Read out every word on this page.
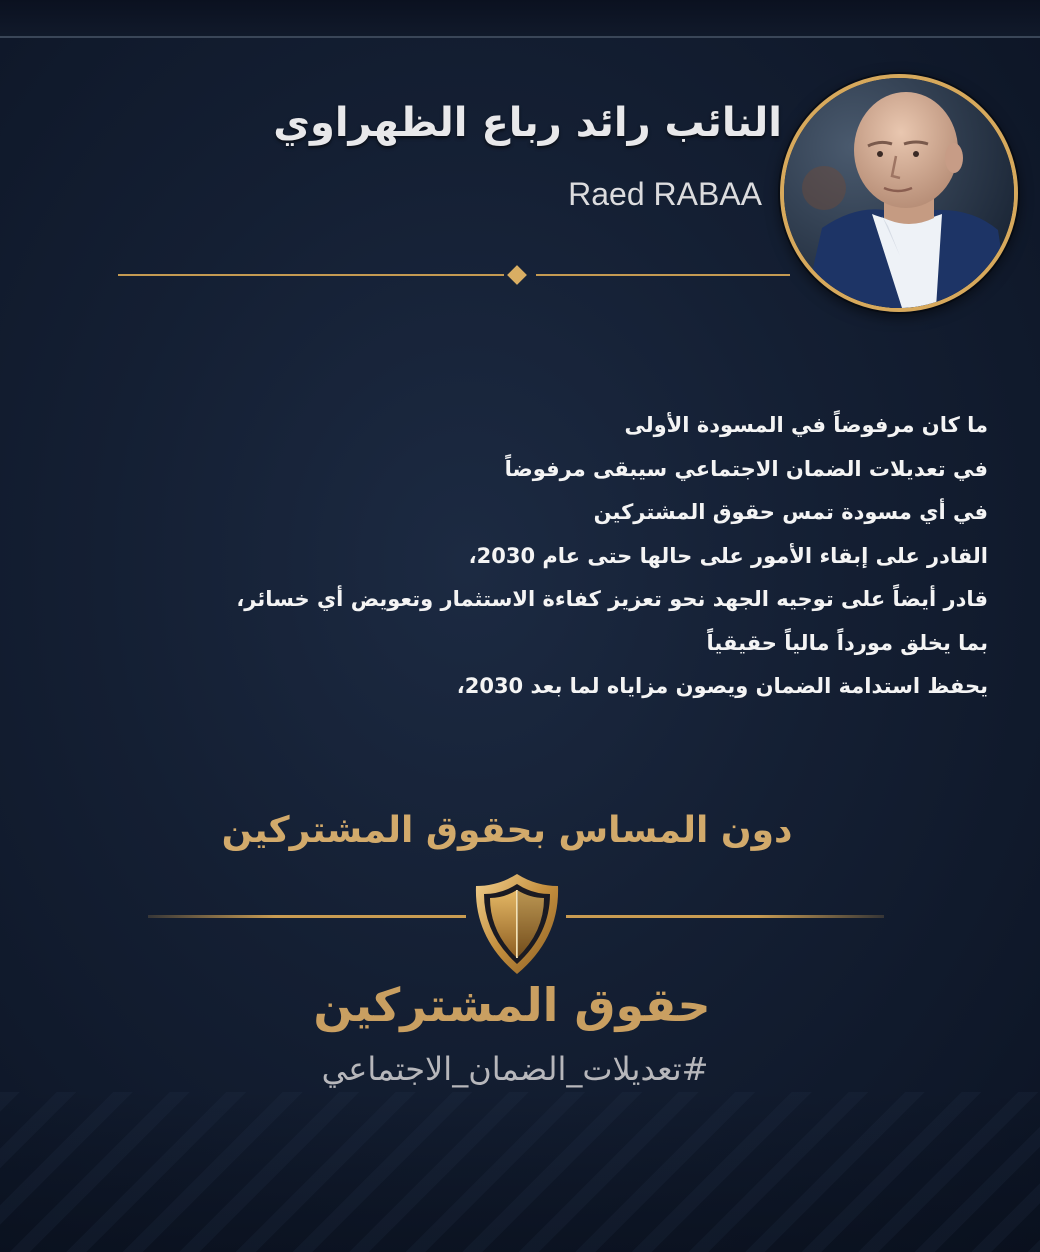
النائب رائد رباع الظهراوي

Raed RABAA

ما كان مرفوضاً في المسودة الأولى

في تعديلات الضمان الاجتماعي سيبقى مرفوضاً

في أي مسودة تمس حقوق المشتركين

القادر على إبقاء الأمور على حالها حتى عام 2030،

قادر أيضاً على توجيه الجهد نحو تعزيز كفاءة الاستثمار وتعويض أي خسائر،

بما يخلق مورداً مالياً حقيقياً

يحفظ استدامة الضمان ويصون مزاياه لما بعد 2030،

دون المساس بحقوق المشتركين

حقوق المشتركين

#تعديلات_الضمان_الاجتماعي
